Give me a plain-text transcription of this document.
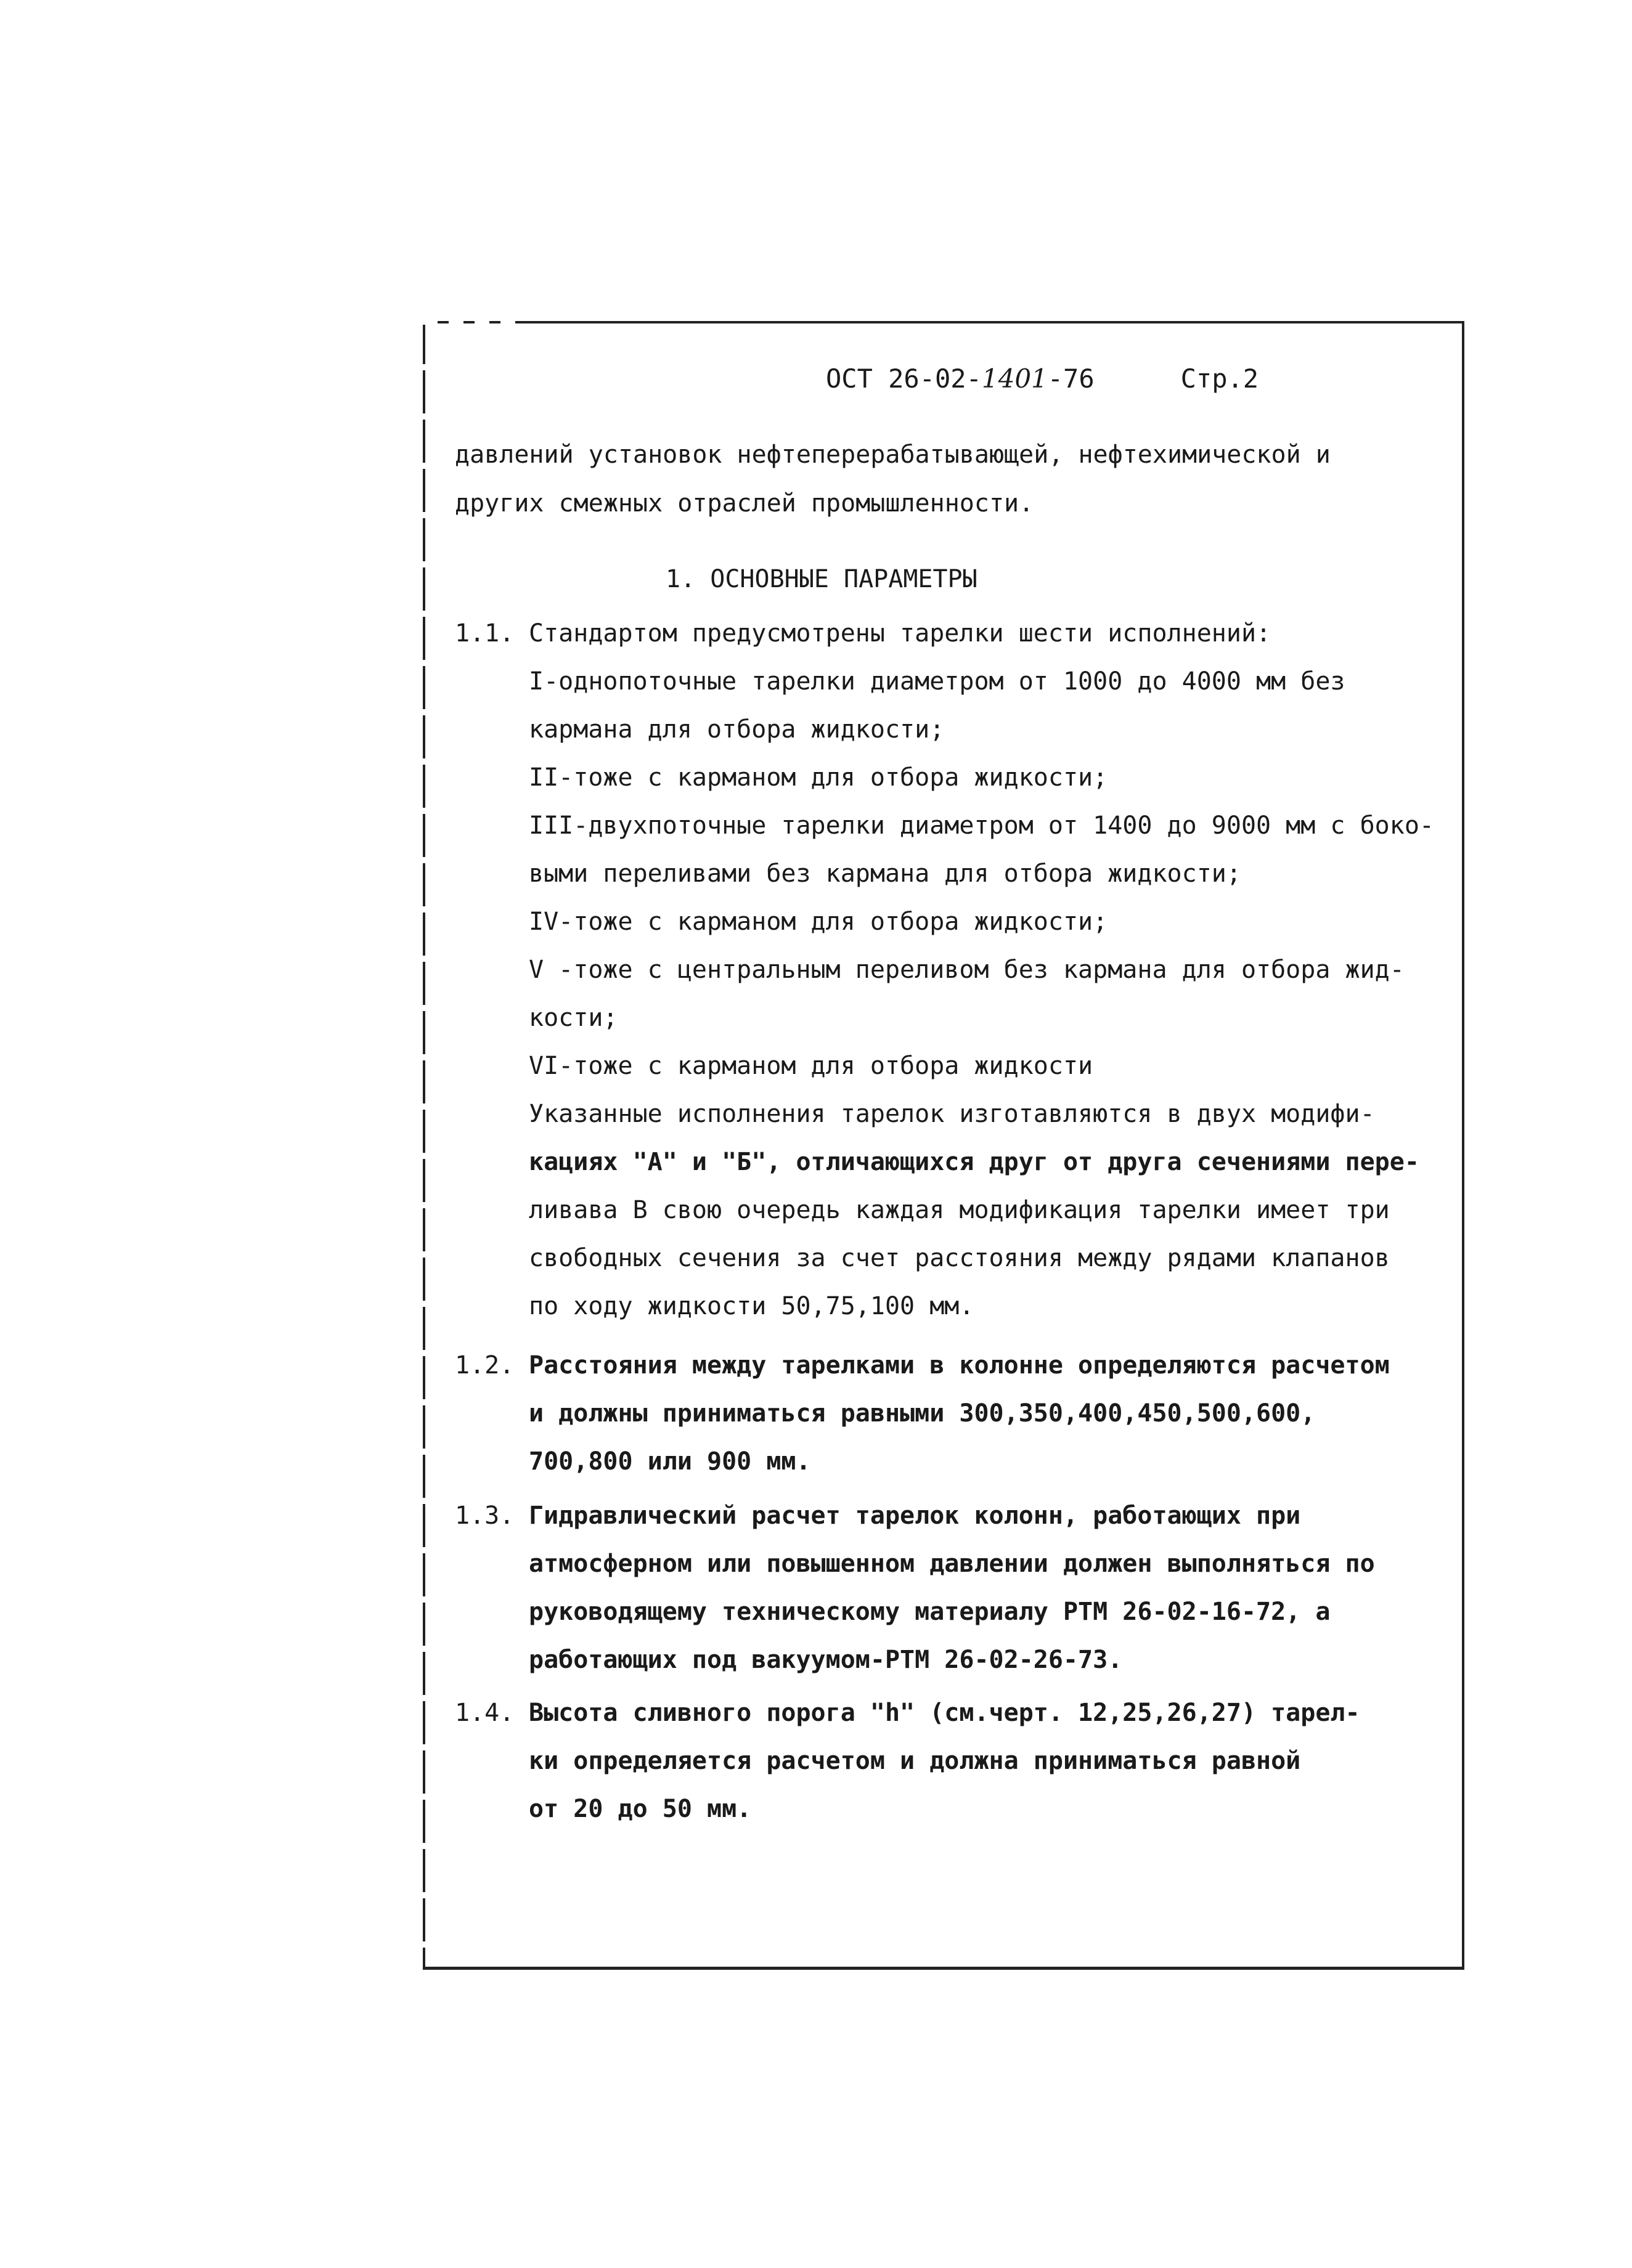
ОСТ 26-02-1401-76	Стр.2
давлений установок нефтеперерабатывающей, нефтехимической и
других смежных отраслей промышленности.
1. ОСНОВНЫЕ ПАРАМЕТРЫ
1.1. Стандартом предусмотрены тарелки шести исполнений:
I-однопоточные тарелки диаметром от 1000 до 4000 мм без
кармана для отбора жидкости;
II-тоже с карманом для отбора жидкости;
III-двухпоточные тарелки диаметром от 1400 до 9000 мм с боко-
выми переливами без кармана для отбора жидкости;
IV-тоже с карманом для отбора жидкости;
V -тоже с центральным переливом без кармана для отбора жид-
кости;
VI-тоже с карманом для отбора жидкости
Указанные исполнения тарелок изготавляются в двух модифи-
кациях "А" и "Б", отличающихся друг от друга сечениями пере-
ливава В свою очередь каждая модификация тарелки имеет три
свободных сечения за счет расстояния между рядами клапанов
по ходу жидкости 50,75,100 мм.
1.2. Расстояния между тарелками в колонне определяются расчетом
и должны приниматься равными 300,350,400,450,500,600,
700,800 или 900 мм.
1.3. Гидравлический расчет тарелок колонн, работающих при
атмосферном или повышенном давлении должен выполняться по
руководящему техническому материалу РТМ 26-02-16-72, а
работающих под вакуумом-РТМ 26-02-26-73.
1.4. Высота сливного порога "h" (см.черт. 12,25,26,27) тарел-
ки определяется расчетом и должна приниматься равной
от 20 до 50 мм.
